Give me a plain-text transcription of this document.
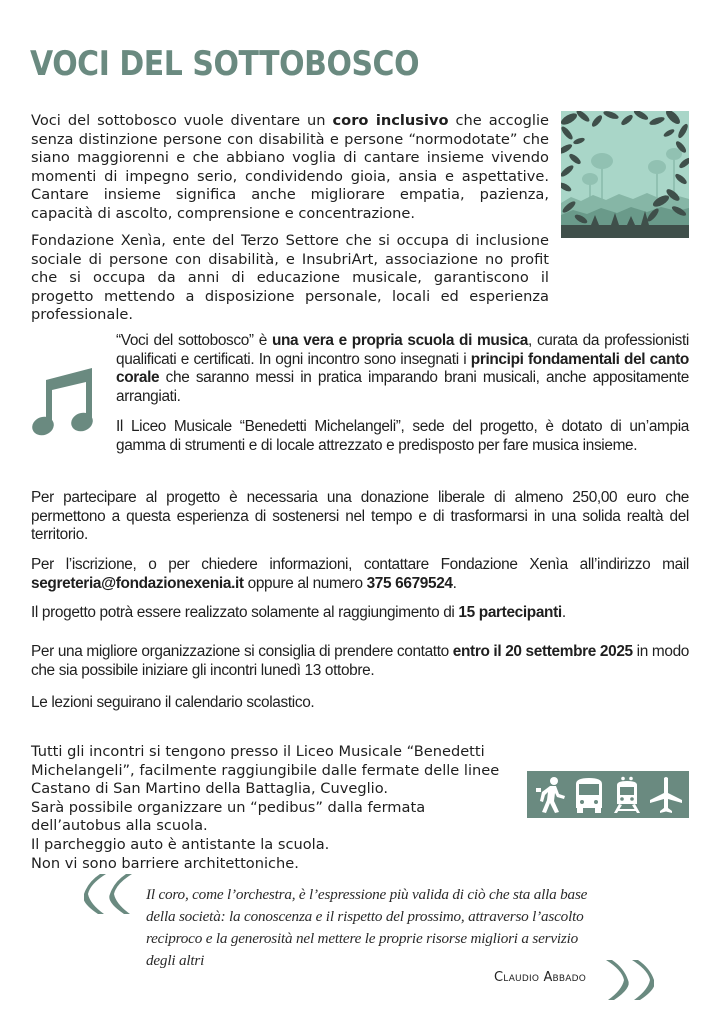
VOCI DEL SOTTOBOSCO

Voci del sottobosco vuole diventare un coro inclusivo che accoglie senza distinzione persone con disabilità e persone “normodotate” che siano maggiorenni e che abbiano voglia di cantare insieme vivendo momenti di impegno serio, condividendo gioia, ansia e aspettative. Cantare insieme significa anche migliorare empatia, pazienza, capacità di ascolto, comprensione e concentrazione.

Fondazione Xenìa, ente del Terzo Settore che si occupa di inclusione sociale di persone con disabilità, e InsubriArt, associazione no profit che si occupa da anni di educazione musicale, garantiscono il progetto mettendo a disposizione personale, locali ed esperienza professionale.

“Voci del sottobosco” è una vera e propria scuola di musica, curata da professionisti qualificati e certificati. In ogni incontro sono insegnati i principi fondamentali del canto corale che saranno messi in pratica imparando brani musicali, anche appositamente arrangiati.

Il Liceo Musicale “Benedetti Michelangeli”, sede del progetto, è dotato di un’ampia gamma di strumenti e di locale attrezzato e predisposto per fare musica insieme.

Per partecipare al progetto è necessaria una donazione liberale di almeno 250,00 euro che permettono a questa esperienza di sostenersi nel tempo e di trasformarsi in una solida realtà del territorio.

Per l’iscrizione, o per chiedere informazioni, contattare Fondazione Xenìa all’indirizzo mail segreteria@fondazionexenia.it oppure al numero 375 6679524.

Il progetto potrà essere realizzato solamente al raggiungimento di 15 partecipanti.

Per una migliore organizzazione si consiglia di prendere contatto entro il 20 settembre 2025 in modo che sia possibile iniziare gli incontri lunedì 13 ottobre.

Le lezioni seguirano il calendario scolastico.

Tutti gli incontri si tengono presso il Liceo Musicale “Benedetti Michelangeli”, facilmente raggiungibile dalle fermate delle linee Castano di San Martino della Battaglia, Cuveglio.
Sarà possibile organizzare un “pedibus” dalla fermata dell’autobus alla scuola.
Il parcheggio auto è antistante la scuola.
Non vi sono barriere architettoniche.

Il coro, come l’orchestra, è l’espressione più valida di ciò che sta alla base della società: la conoscenza e il rispetto del prossimo, attraverso l’ascolto reciproco e la generosità nel mettere le proprie risorse migliori a servizio degli altri

Claudio Abbado
